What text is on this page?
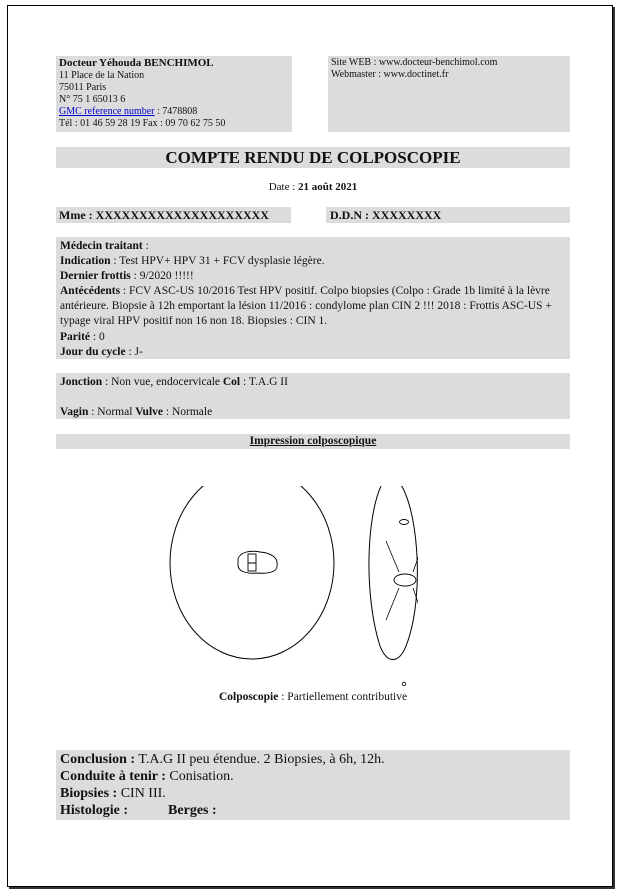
Docteur Yéhouda BENCHIMOL
11 Place de la Nation
75011 Paris
N° 75 1 65013 6
GMC reference number : 7478808
Tél : 01 46 59 28 19 Fax : 09 70 62 75 50
Site WEB : www.docteur-benchimol.com
Webmaster : www.doctinet.fr
COMPTE RENDU DE COLPOSCOPIE
Date : 21 août 2021
Mme : XXXXXXXXXXXXXXXXXXXX	D.D.N : XXXXXXXX
Médecin traitant :
Indication : Test HPV+ HPV 31 + FCV dysplasie légère.
Dernier frottis : 9/2020 !!!!!
Antécédents : FCV ASC-US 10/2016 Test HPV positif. Colpo biopsies (Colpo : Grade 1b limité à la lèvre antérieure. Biopsie à 12h emportant la lésion 11/2016 : condylome plan CIN 2 !!! 2018 : Frottis ASC-US + typage viral HPV positif non 16 non 18. Biopsies : CIN 1.
Parité : 0
Jour du cycle : J-
Jonction : Non vue, endocervicale Col : T.A.G II
Vagin : Normal Vulve : Normale
Impression colposcopique
Colposcopie : Partiellement contributive
Conclusion : T.A.G II peu étendue. 2 Biopsies, à 6h, 12h.
Conduite à tenir : Conisation.
Biopsies : CIN III.
Histologie :	Berges :
